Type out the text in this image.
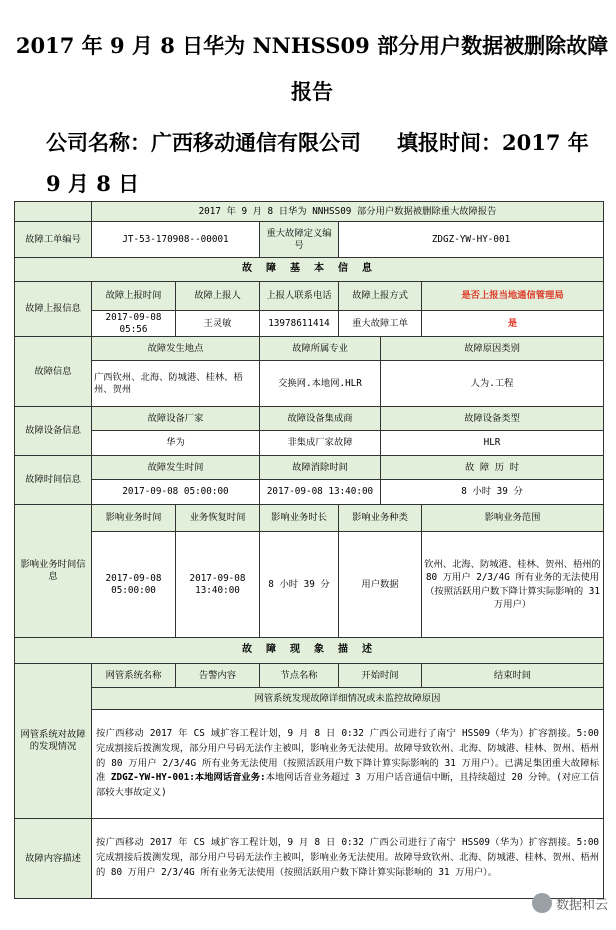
2017 年 9 月 8 日华为 NNHSS09 部分用户数据被删除故障
报告
公司名称：广西移动通信有限公司 填报时间：2017 年
9 月 8 日
	2017 年 9 月 8 日华为 NNHSS09 部分用户数据被删除重大故障报告					
故障工单编号	JT-53-170908--00001		重大故障定义编号	ZDGZ-YW-HY-001		
故 障 基 本 信 息						
故障上报信息	故障上报时间	故障上报人	上报人联系电话	故障上报方式		是否上报当地通信管理局
	2017-09-08 05:56	王灵敏	13978611414	重大故障工单		是
故障信息	故障发生地点		故障所属专业		故障原因类别	
	广西钦州、北海、防城港、桂林、梧州、贺州		交换网.本地网.HLR		人为.工程	
故障设备信息	故障设备厂家		故障设备集成商		故障设备类型	
	华为		非集成厂家故障		HLR	
故障时间信息	故障发生时间		故障消除时间		故 障 历 时	
	2017-09-08 05:00:00		2017-09-08 13:40:00		8 小时 39 分	
影响业务时间信息	影响业务时间	业务恢复时间	影响业务时长	影响业务种类		影响业务范围
	2017-09-08 05:00:00	2017-09-08 13:40:00	8 小时 39 分	用户数据		钦州、北海、防城港、桂林、贺州、梧州的 80 万用户 2/3/4G 所有业务的无法使用（按照活跃用户数下降计算实际影响的 31 万用户）
故 障 现 象 描 述						
网管系统对故障的发现情况	网管系统名称	告警内容	节点名称	开始时间		结束时间
	网管系统发现故障详细情况或未监控故障原因					
	按广西移动 2017 年 CS 域扩容工程计划，9 月 8 日 0:32 广西公司进行了南宁 HSS09（华为）扩容割接。5:00 完成割接后拨测发现，部分用户号码无法作主被叫，影响业务无法使用。故障导致钦州、北海、防城港、桂林、贺州、梧州的 80 万用户 2/3/4G 所有业务无法使用（按照活跃用户数下降计算实际影响的 31 万用户）。已满足集团重大故障标准 ZDGZ-YW-HY-001:本地网话音业务:本地网话音业务超过 3 万用户话音通信中断，且持续超过 20 分钟。(对应工信部较大事故定义)					
故障内容描述	按广西移动 2017 年 CS 域扩容工程计划，9 月 8 日 0:32 广西公司进行了南宁 HSS09（华为）扩容割接。5:00 完成割接后拨测发现，部分用户号码无法作主被叫，影响业务无法使用。故障导致钦州、北海、防城港、桂林、贺州、梧州的 80 万用户 2/3/4G 所有业务无法使用（按照活跃用户数下降计算实际影响的 31 万用户）。					
数据和云
